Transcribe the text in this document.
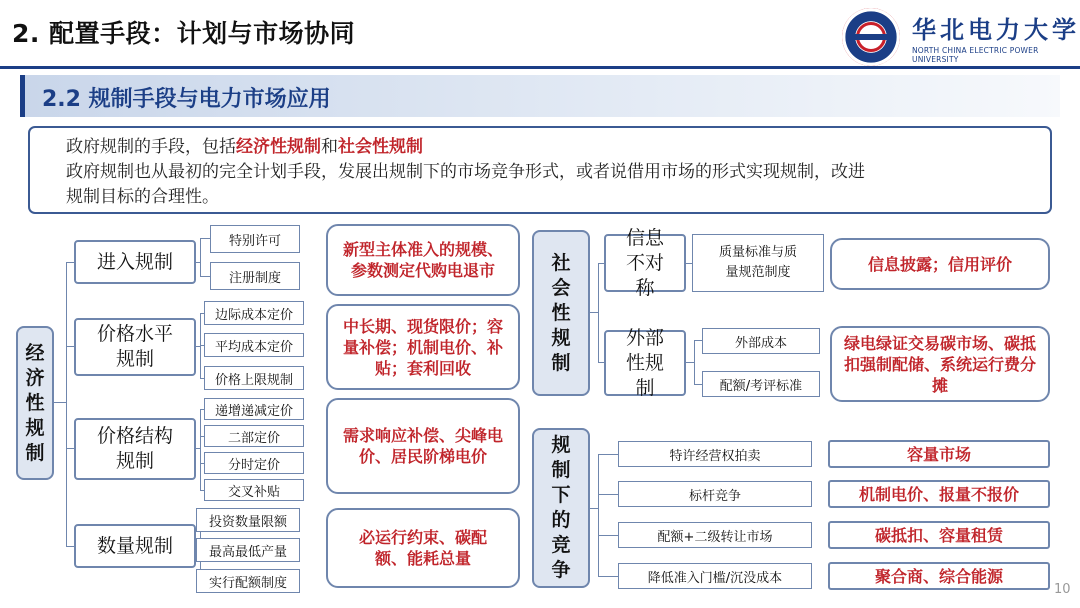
2. 配置手段：计划与市场协同	华北电力大学
NORTH CHINA ELECTRIC POWER UNIVERSITY
2.2 规制手段与电力市场应用
政府规制的手段，包括经济性规制和社会性规制
政府规制也从最初的完全计划手段，发展出规制下的市场竞争形式，或者说借用市场的形式实现规制，改进
规制目标的合理性。
经济性规制
进入规制
价格水平规制
价格结构规制
数量规制
特别许可
注册制度
边际成本定价
平均成本定价
价格上限规制
递增递减定价
二部定价
分时定价
交叉补贴
投资数量限额
最高最低产量
实行配额制度
新型主体准入的规模、参数测定代购电退市
中长期、现货限价；容量补偿；机制电价、补贴；套利回收
需求响应补偿、尖峰电价、居民阶梯电价
必运行约束、碳配额、能耗总量
社会性规制
信息不对称
质量标准与质量规范制度	信息披露；信用评价
外部性规制
外部成本
配额/考评标准
绿电绿证交易碳市场、碳抵扣强制配储、系统运行费分摊
规制下的竞争
特许经营权拍卖
标杆竞争
配额+二级转让市场
降低准入门槛/沉没成本
容量市场
机制电价、报量不报价
碳抵扣、容量租赁
聚合商、综合能源
10
